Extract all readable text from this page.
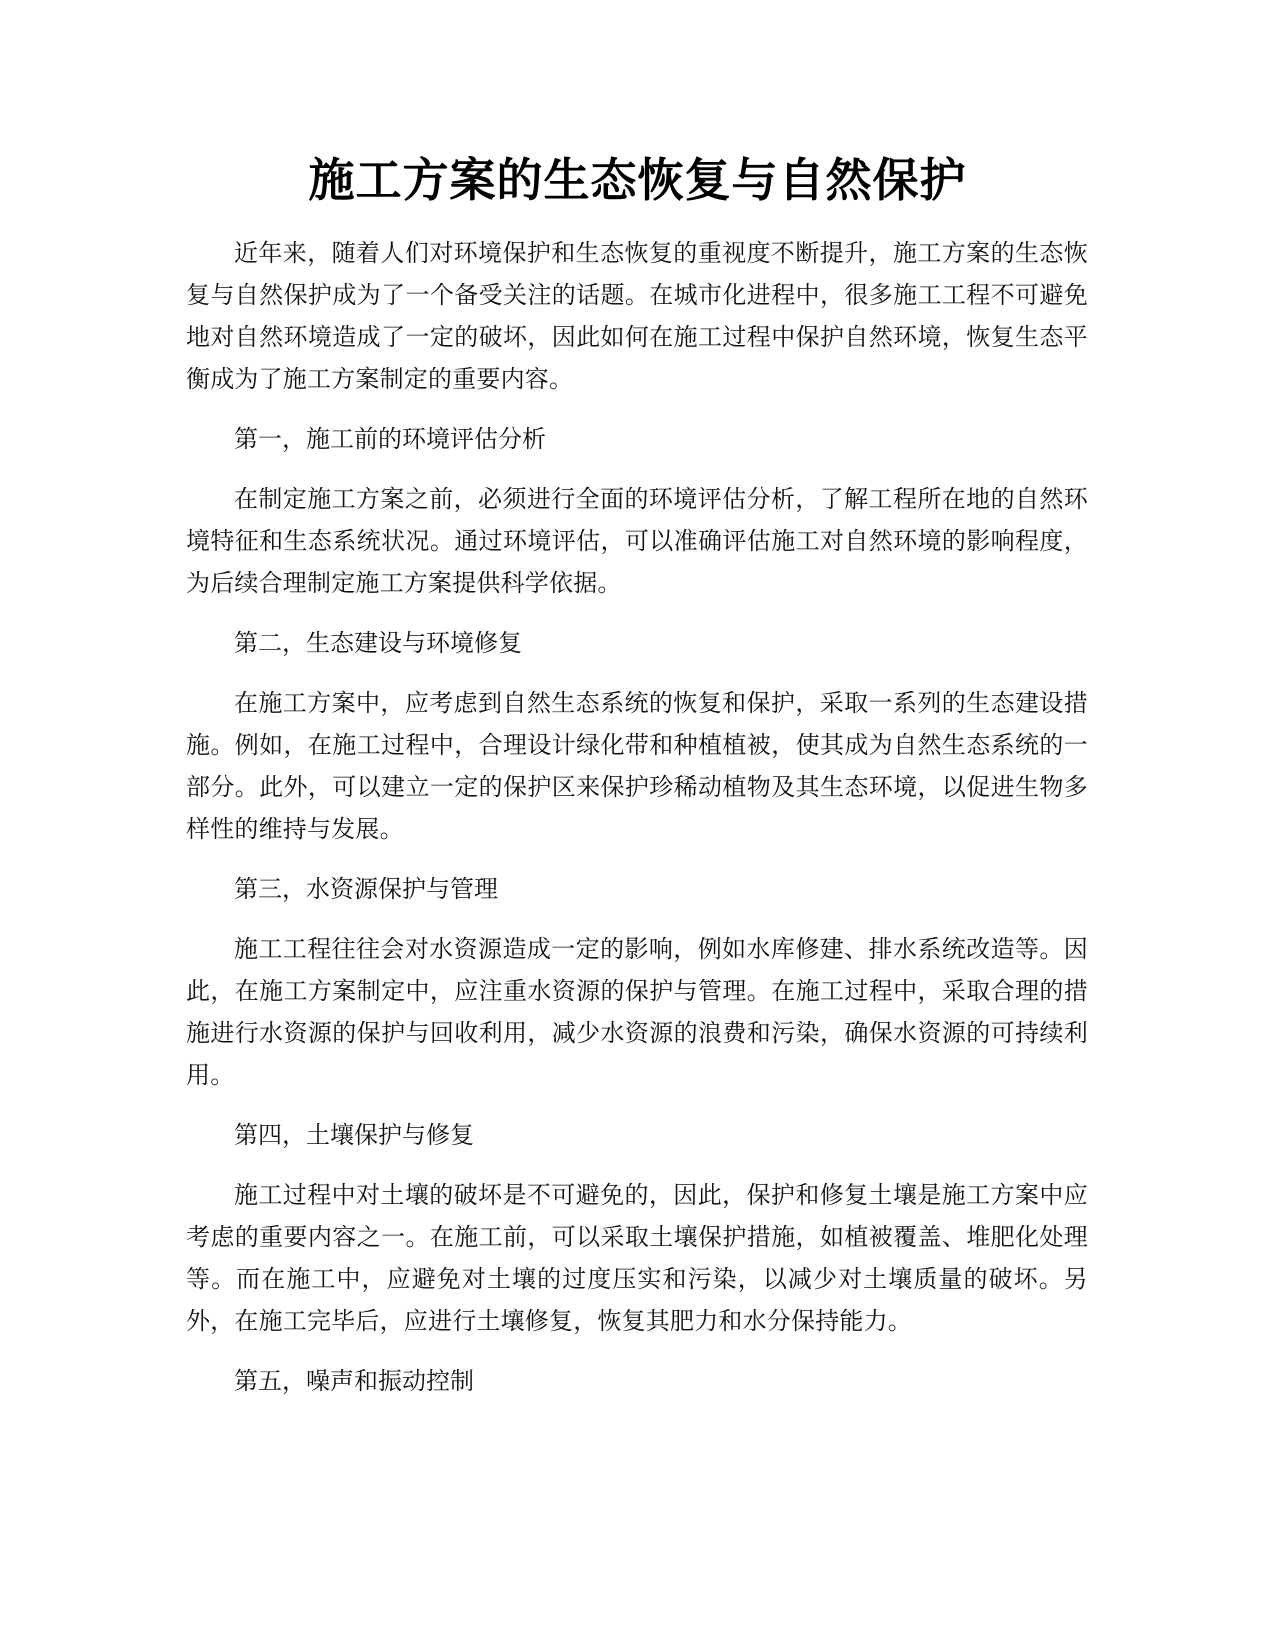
施工方案的生态恢复与自然保护

近年来，随着人们对环境保护和生态恢复的重视度不断提升，施工方案的生态恢复与自然保护成为了一个备受关注的话题。在城市化进程中，很多施工工程不可避免地对自然环境造成了一定的破坏，因此如何在施工过程中保护自然环境，恢复生态平衡成为了施工方案制定的重要内容。

第一，施工前的环境评估分析

在制定施工方案之前，必须进行全面的环境评估分析，了解工程所在地的自然环境特征和生态系统状况。通过环境评估，可以准确评估施工对自然环境的影响程度，为后续合理制定施工方案提供科学依据。

第二，生态建设与环境修复

在施工方案中，应考虑到自然生态系统的恢复和保护，采取一系列的生态建设措施。例如，在施工过程中，合理设计绿化带和种植植被，使其成为自然生态系统的一部分。此外，可以建立一定的保护区来保护珍稀动植物及其生态环境，以促进生物多样性的维持与发展。

第三，水资源保护与管理

施工工程往往会对水资源造成一定的影响，例如水库修建、排水系统改造等。因此，在施工方案制定中，应注重水资源的保护与管理。在施工过程中，采取合理的措施进行水资源的保护与回收利用，减少水资源的浪费和污染，确保水资源的可持续利用。

第四，土壤保护与修复

施工过程中对土壤的破坏是不可避免的，因此，保护和修复土壤是施工方案中应考虑的重要内容之一。在施工前，可以采取土壤保护措施，如植被覆盖、堆肥化处理等。而在施工中，应避免对土壤的过度压实和污染，以减少对土壤质量的破坏。另外，在施工完毕后，应进行土壤修复，恢复其肥力和水分保持能力。

第五，噪声和振动控制
